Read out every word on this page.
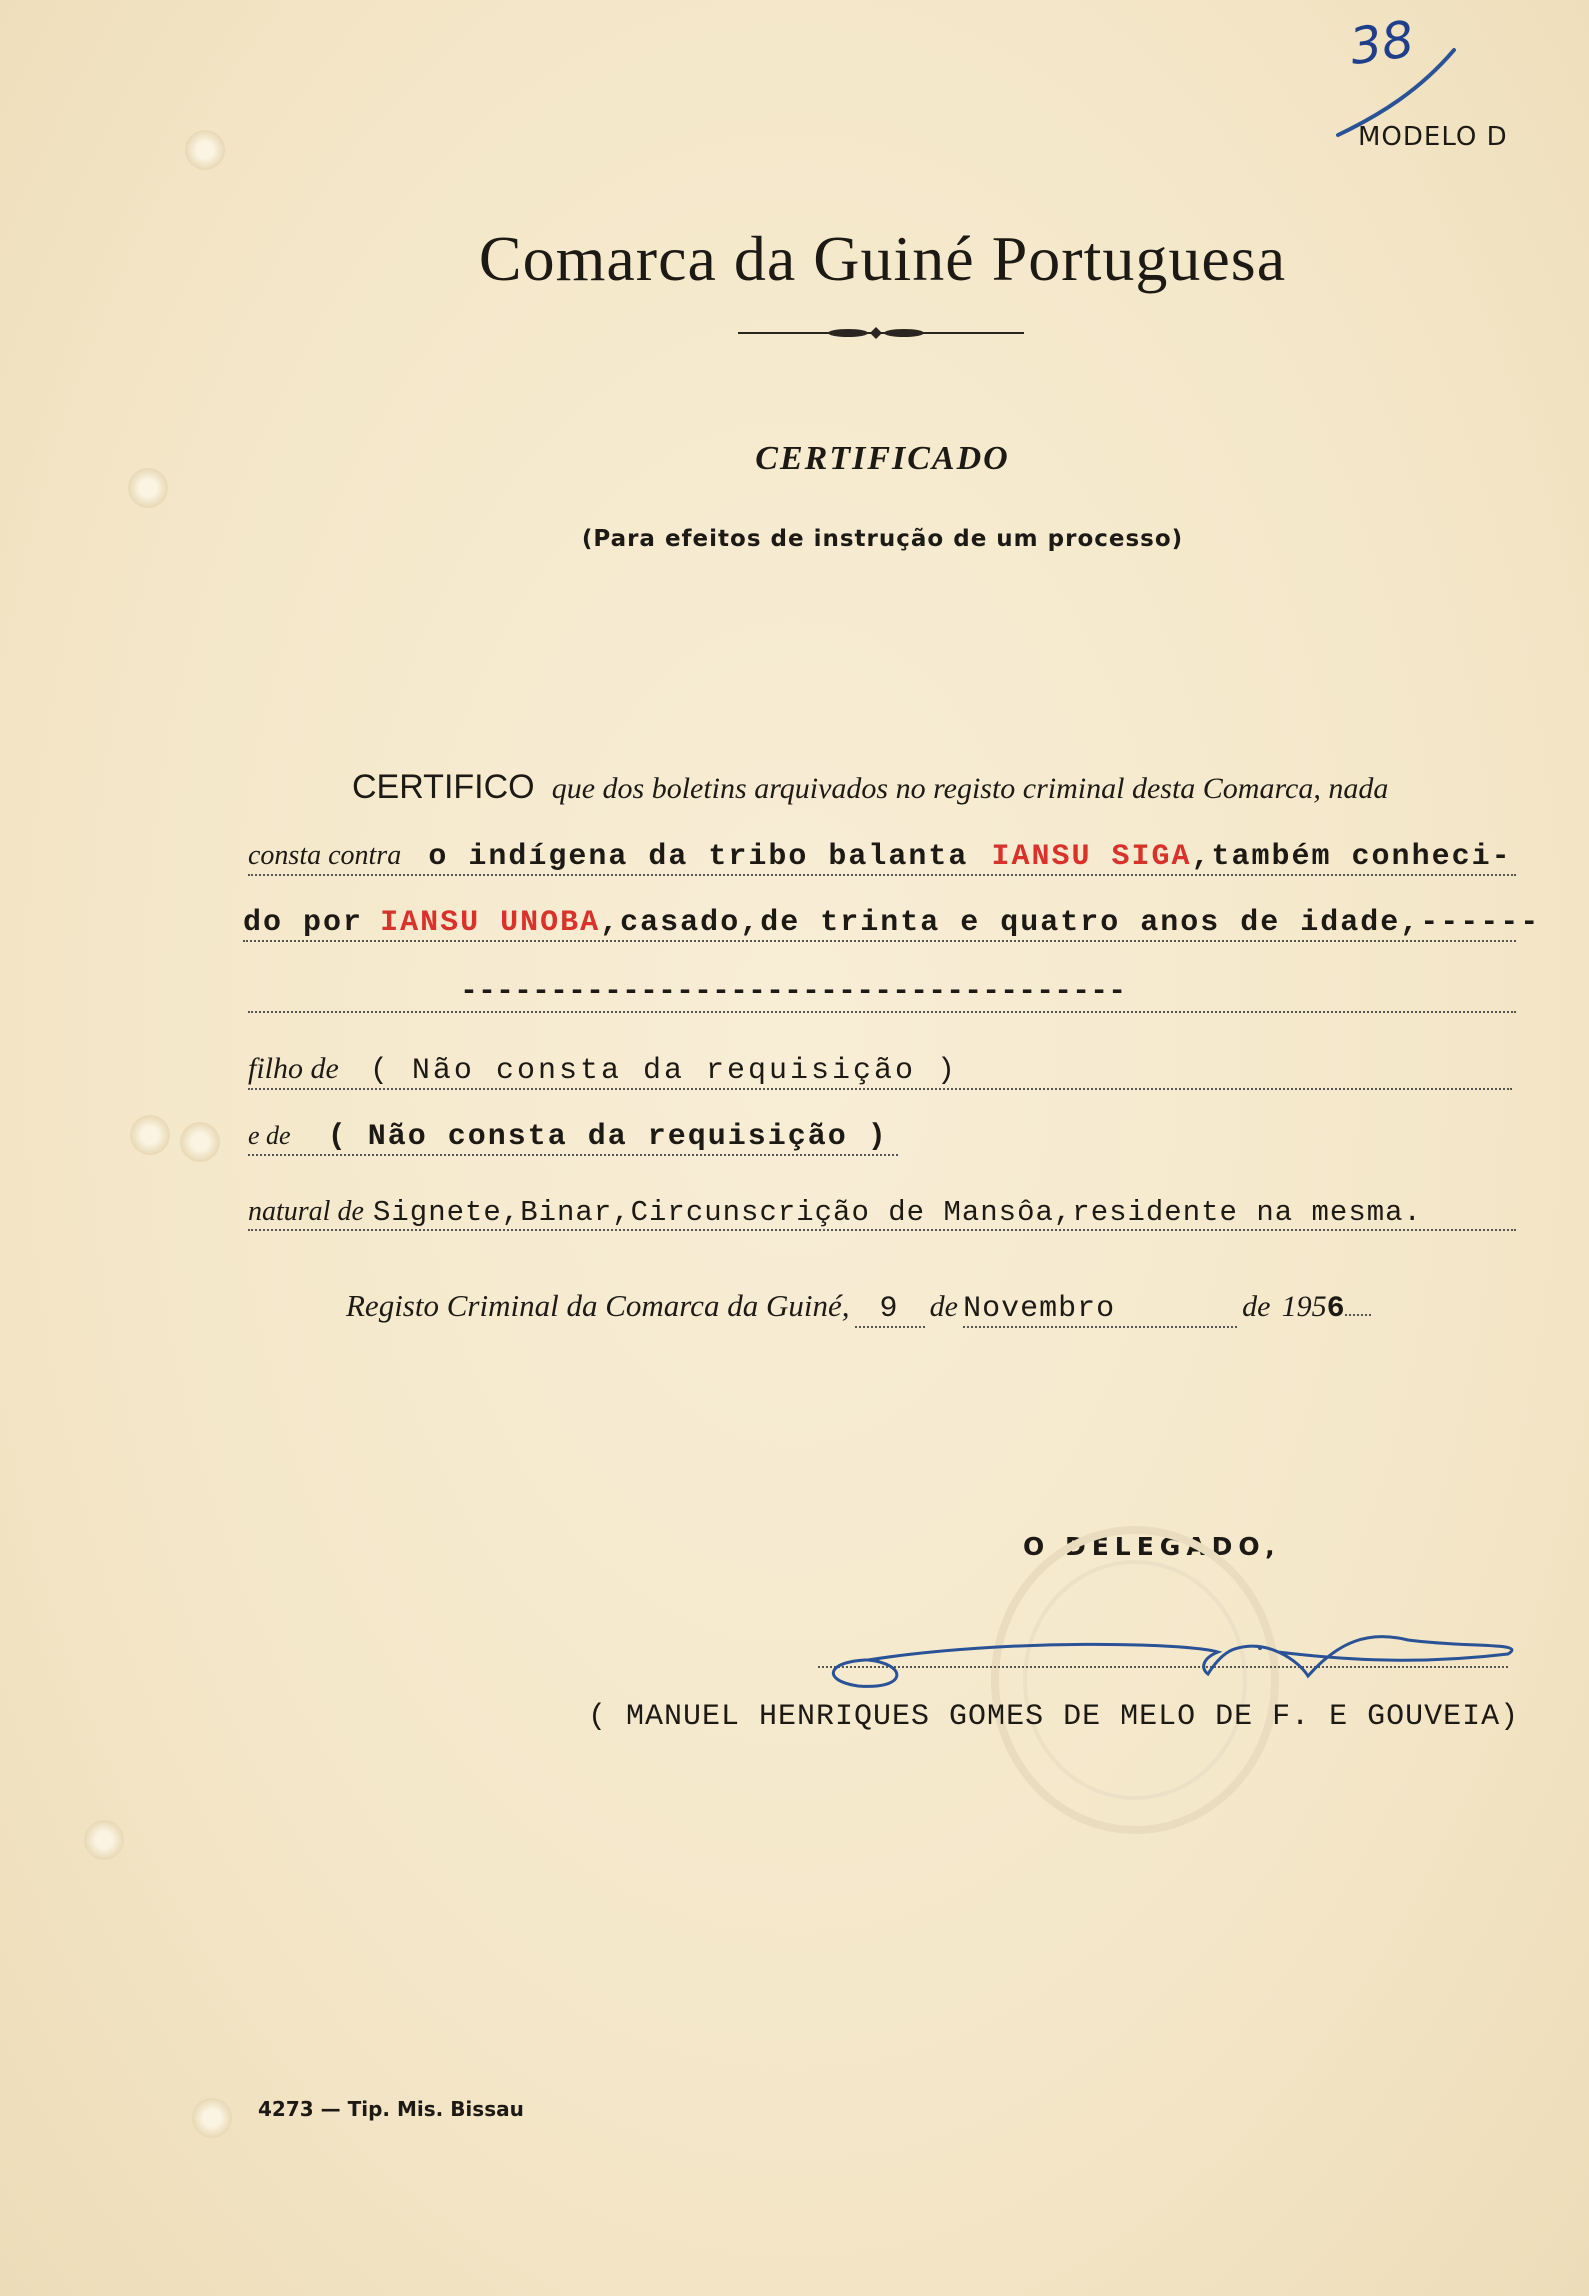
38
MODELO D
Comarca da Guiné Portuguesa
CERTIFICADO
(Para efeitos de instrução de um processo)
CERTIFICO que dos boletins arquivados no registo criminal desta Comarca, nada
consta contra o indígena da tribo balanta IANSU SIGA,também conheci-
do por IANSU UNOBA,casado,de trinta e quatro anos de idade,------
-------------------------------------
filho de ( Não consta da requisição )
e de ( Não consta da requisição )
natural de Signete,Binar,Circunscrição de Mansôa,residente na mesma.
Registo Criminal da Comarca da Guiné, 9 de Novembro	de 1956
O DELEGADO,
( MANUEL HENRIQUES GOMES DE MELO DE F. E GOUVEIA)
4273 — Tip. Mis. Bissau
